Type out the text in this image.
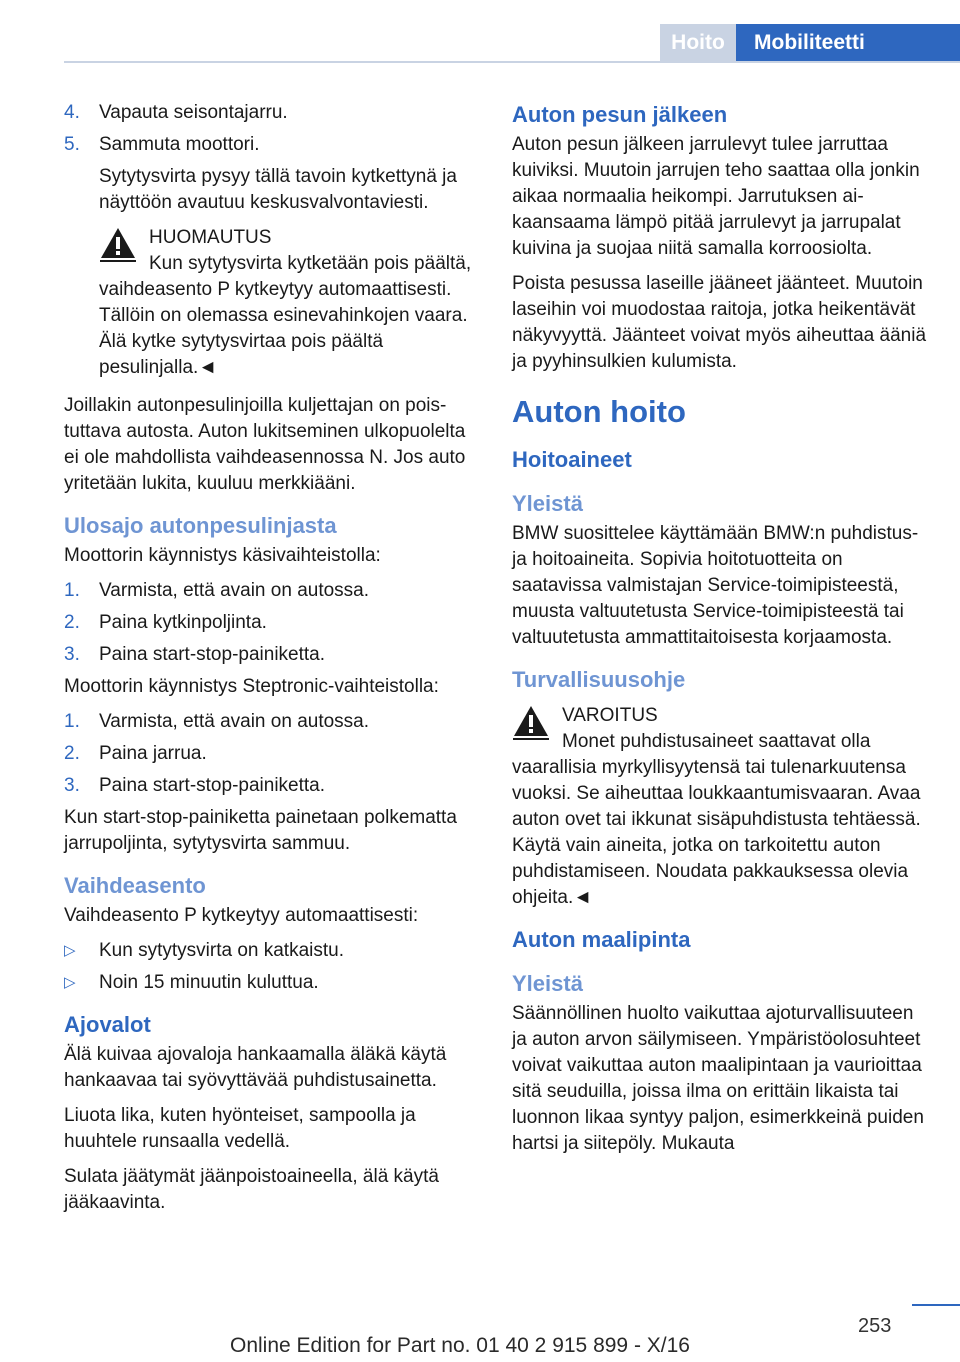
Hoito	Mobiliteetti
4.	Vapauta seisontajarru.
5.	Sammuta moottori.

Sytytysvirta pysyy tällä tavoin kytkettynä ja näyttöön avautuu keskusvalvontaviesti.

HUOMAUTUS
Kun sytytysvirta kytketään pois päältä, vaihdeasento P kytkeytyy automaattisesti. Tällöin on olemassa esinevahinkojen vaara. Älä kytke sytytysvirtaa pois päältä pesulinjalla.◄

Joillakin autonpesulinjoilla kuljettajan on poistuttava autosta. Auton lukitseminen ulkopuolelta ei ole mahdollista vaihdeasennossa N. Jos auto yritetään lukita, kuuluu merkkiääni.

Ulosajo autonpesulinjasta

Moottorin käynnistys käsivaihteistolla:

1.	Varmista, että avain on autossa.
2.	Paina kytkinpoljinta.
3.	Paina start-stop-painiketta.

Moottorin käynnistys Steptronic-vaihteistolla:

1.	Varmista, että avain on autossa.
2.	Paina jarrua.
3.	Paina start-stop-painiketta.

Kun start-stop-painiketta painetaan polkematta jarrupoljinta, sytytysvirta sammuu.

Vaihdeasento

Vaihdeasento P kytkeytyy automaattisesti:

▷	Kun sytytysvirta on katkaistu.
▷	Noin 15 minuutin kuluttua.
Ajovalot

Älä kuivaa ajovaloja hankaamalla äläkä käytä hankaavaa tai syövyttävää puhdistusainetta.

Liuota lika, kuten hyönteiset, sampoolla ja huuhtele runsaalla vedellä.

Sulata jäätymät jäänpoistoaineella, älä käytä jääkaavinta.

Auton pesun jälkeen

Auton pesun jälkeen jarrulevyt tulee jarruttaa kuiviksi. Muutoin jarrujen teho saattaa olla jonkin aikaa normaalia heikompi. Jarrutuksen aikaansaama lämpö pitää jarrulevyt ja jarrupalat kuivina ja suojaa niitä samalla korroosiolta.

Poista pesussa laseille jääneet jäänteet. Muutoin laseihin voi muodostaa raitoja, jotka heikentävät näkyvyyttä. Jäänteet voivat myös aiheuttaa ääniä ja pyyhinsulkien kulumista.

Auton hoito
Hoitoaineet
Yleistä

BMW suosittelee käyttämään BMW:n puhdistus- ja hoitoaineita. Sopivia hoitotuotteita on saatavissa valmistajan Service-toimipisteestä, muusta valtuutetusta Service-toimipisteestä tai valtuutetusta ammattitaitoisesta korjaamosta.

Turvallisuusohje
VAROITUS
Monet puhdistusaineet saattavat olla vaarallisia myrkyllisyytensä tai tulenarkuutensa vuoksi. Se aiheuttaa loukkaantumisvaaran. Avaa auton ovet tai ikkunat sisäpuhdistusta tehtäessä. Käytä vain aineita, jotka on tarkoitettu auton puhdistamiseen. Noudata pakkauksessa olevia ohjeita.◄
Auton maalipinta
Yleistä

Säännöllinen huolto vaikuttaa ajoturvallisuuteen ja auton arvon säilymiseen. Ympäristöolosuhteet voivat vaikuttaa auton maalipintaan ja vaurioittaa sitä seuduilla, joissa ilma on erittäin likaista tai luonnon likaa syntyy paljon, esimerkkeinä puiden hartsi ja siitepöly. Mukauta

253
Online Edition for Part no. 01 40 2 915 899 - X/16
